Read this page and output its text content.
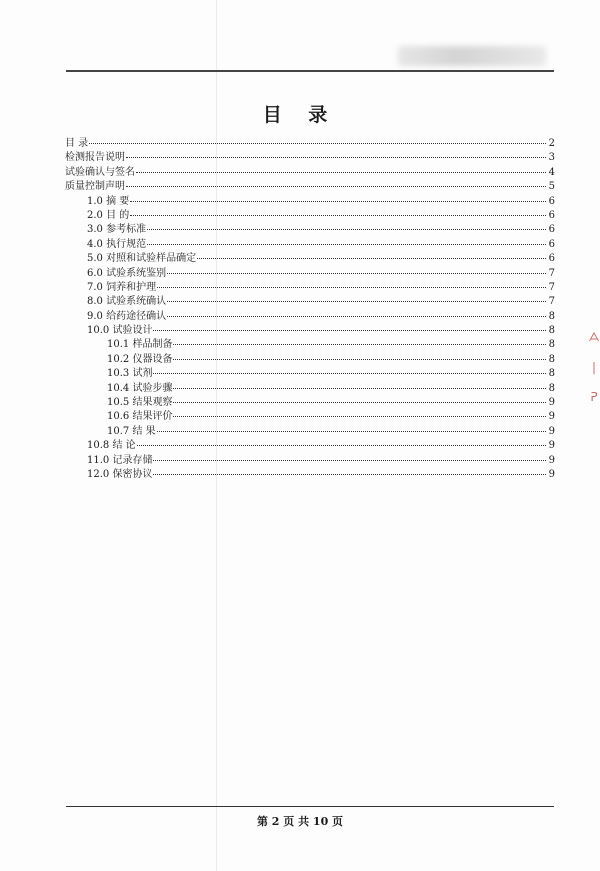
目 录
目 录	2
检测报告说明	3
试验确认与签名	4
质量控制声明	5
1.0 摘 要	6
2.0 目 的	6
3.0 参考标准	6
4.0 执行规范	6
5.0 对照和试验样品确定	6
6.0 试验系统鉴别	7
7.0 饲养和护理	7
8.0 试验系统确认	7
9.0 给药途径确认	8
10.0 试验设计	8
10.1 样品制备	8
10.2 仪器设备	8
10.3 试剂	8
10.4 试验步骤	8
10.5 结果观察	9
10.6 结果评价	9
10.7 结 果	9
10.8 结 论	9
11.0 记录存储	9
12.0 保密协议	9
第 2 页 共 10 页
ᗋ
|
ᕈ
